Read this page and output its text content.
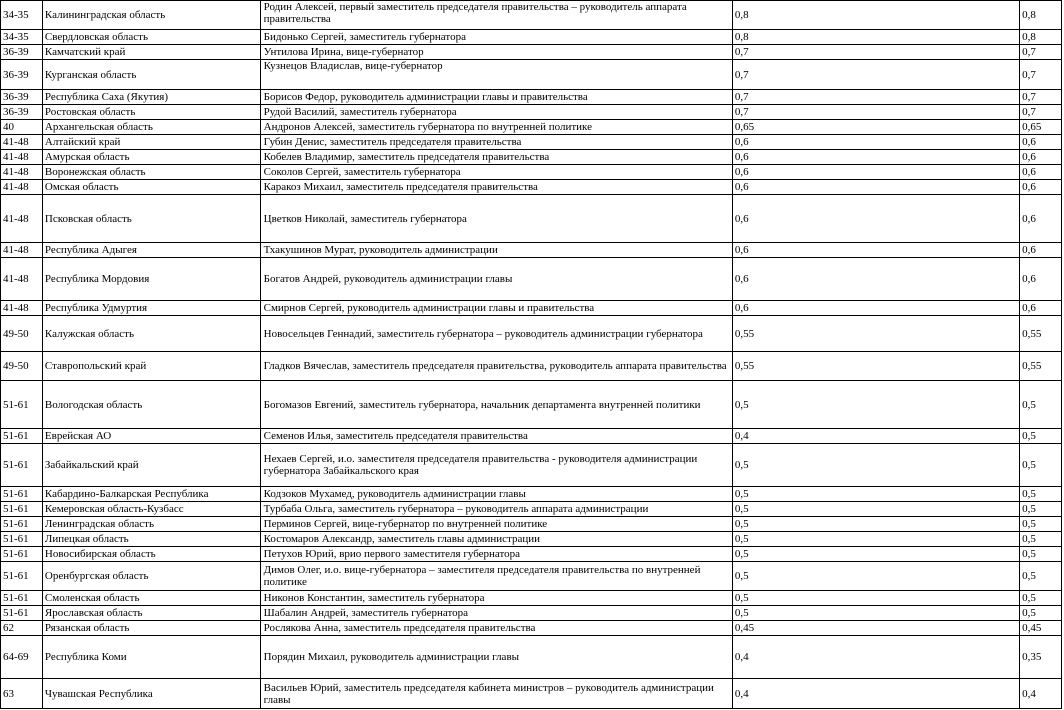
34-35	Калининградская область	Родин Алексей, первый заместитель председателя правительства – руководитель аппарата правительства	0,8	0,8
34-35	Свердловская область	Бидонько Сергей, заместитель губернатора	0,8	0,8
36-39	Камчатский край	Унтилова Ирина, вице-губернатор	0,7	0,7
36-39	Курганская область	Кузнецов Владислав, вице-губернатор	0,7	0,7
36-39	Республика Саха (Якутия)	Борисов Федор, руководитель администрации главы и правительства	0,7	0,7
36-39	Ростовская область	Рудой Василий, заместитель губернатора	0,7	0,7
40	Архангельская область	Андронов Алексей, заместитель губернатора по внутренней политике	0,65	0,65
41-48	Алтайский край	Губин Денис, заместитель председателя правительства	0,6	0,6
41-48	Амурская область	Кобелев Владимир, заместитель председателя правительства	0,6	0,6
41-48	Воронежская область	Соколов Сергей, заместитель губернатора	0,6	0,6
41-48	Омская область	Каракоз Михаил, заместитель председателя правительства	0,6	0,6
41-48	Псковская область	Цветков Николай, заместитель губернатора	0,6	0,6
41-48	Республика Адыгея	Тхакушинов Мурат, руководитель администрации	0,6	0,6
41-48	Республика Мордовия	Богатов Андрей, руководитель администрации главы	0,6	0,6
41-48	Республика Удмуртия	Смирнов Сергей, руководитель администрации главы и правительства	0,6	0,6
49-50	Калужская область	Новосельцев Геннадий, заместитель губернатора – руководитель администрации губернатора	0,55	0,55
49-50	Ставропольский край	Гладков Вячеслав, заместитель председателя правительства, руководитель аппарата правительства	0,55	0,55
51-61	Вологодская область	Богомазов Евгений, заместитель губернатора, начальник департамента внутренней политики	0,5	0,5
51-61	Еврейская АО	Семенов Илья, заместитель председателя правительства	0,4	0,5
51-61	Забайкальский край	Нехаев Сергей, и.о. заместителя председателя правительства - руководителя администрации губернатора Забайкальского края	0,5	0,5
51-61	Кабардино-Балкарская Республика	Кодзоков Мухамед, руководитель администрации главы	0,5	0,5
51-61	Кемеровская область-Кузбасс	Турбаба Ольга, заместитель губернатора – руководитель аппарата администрации	0,5	0,5
51-61	Ленинградская область	Перминов Сергей, вице-губернатор по внутренней политике	0,5	0,5
51-61	Липецкая область	Костомаров Александр, заместитель главы администрации	0,5	0,5
51-61	Новосибирская область	Петухов Юрий, врио первого заместителя губернатора	0,5	0,5
51-61	Оренбургская область	Димов Олег, и.о. вице-губернатора – заместителя председателя правительства по внутренней политике	0,5	0,5
51-61	Смоленская область	Никонов Константин, заместитель губернатора	0,5	0,5
51-61	Ярославская область	Шабалин Андрей, заместитель губернатора	0,5	0,5
62	Рязанская область	Рослякова Анна, заместитель председателя правительства	0,45	0,45
64-69	Республика Коми	Порядин Михаил, руководитель администрации главы	0,4	0,35
63	Чувашская Республика	Васильев Юрий, заместитель председателя кабинета министров – руководитель администрации главы	0,4	0,4
